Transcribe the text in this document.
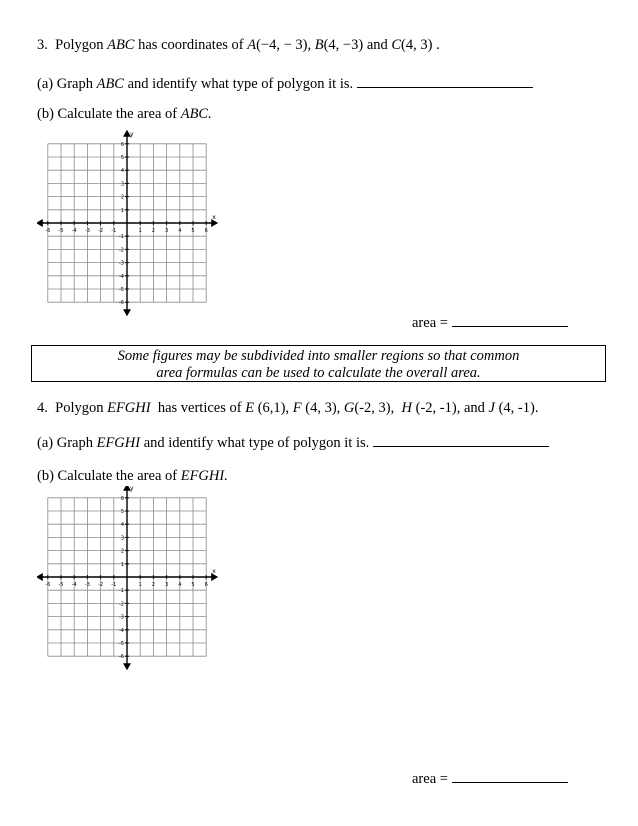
3. Polygon ABC has coordinates of A(−4, − 3), B(4, −3) and C(4, 3) .
(a) Graph ABC and identify what type of polygon it is.
(b) Calculate the area of ABC.
x
y
-6 -5 -4 -3 -2 -1	1 2 3 4 5 6
6
5
4
3
2
1
-1
-2
-3
-4
-5
-6
area =
Some figures may be subdivided into smaller regions so that common
area formulas can be used to calculate the overall area.
4. Polygon EFGHI has vertices of E (6,1), F (4, 3), G(-2, 3), H (-2, -1), and J (4, -1).
(a) Graph EFGHI and identify what type of polygon it is.
(b) Calculate the area of EFGHI.
x
y
-6 -5 -4 -3 -2 -1	1 2 3 4 5 6
6
5
4
3
2
1
-1
-2
-3
-4
-5
-6
area =
